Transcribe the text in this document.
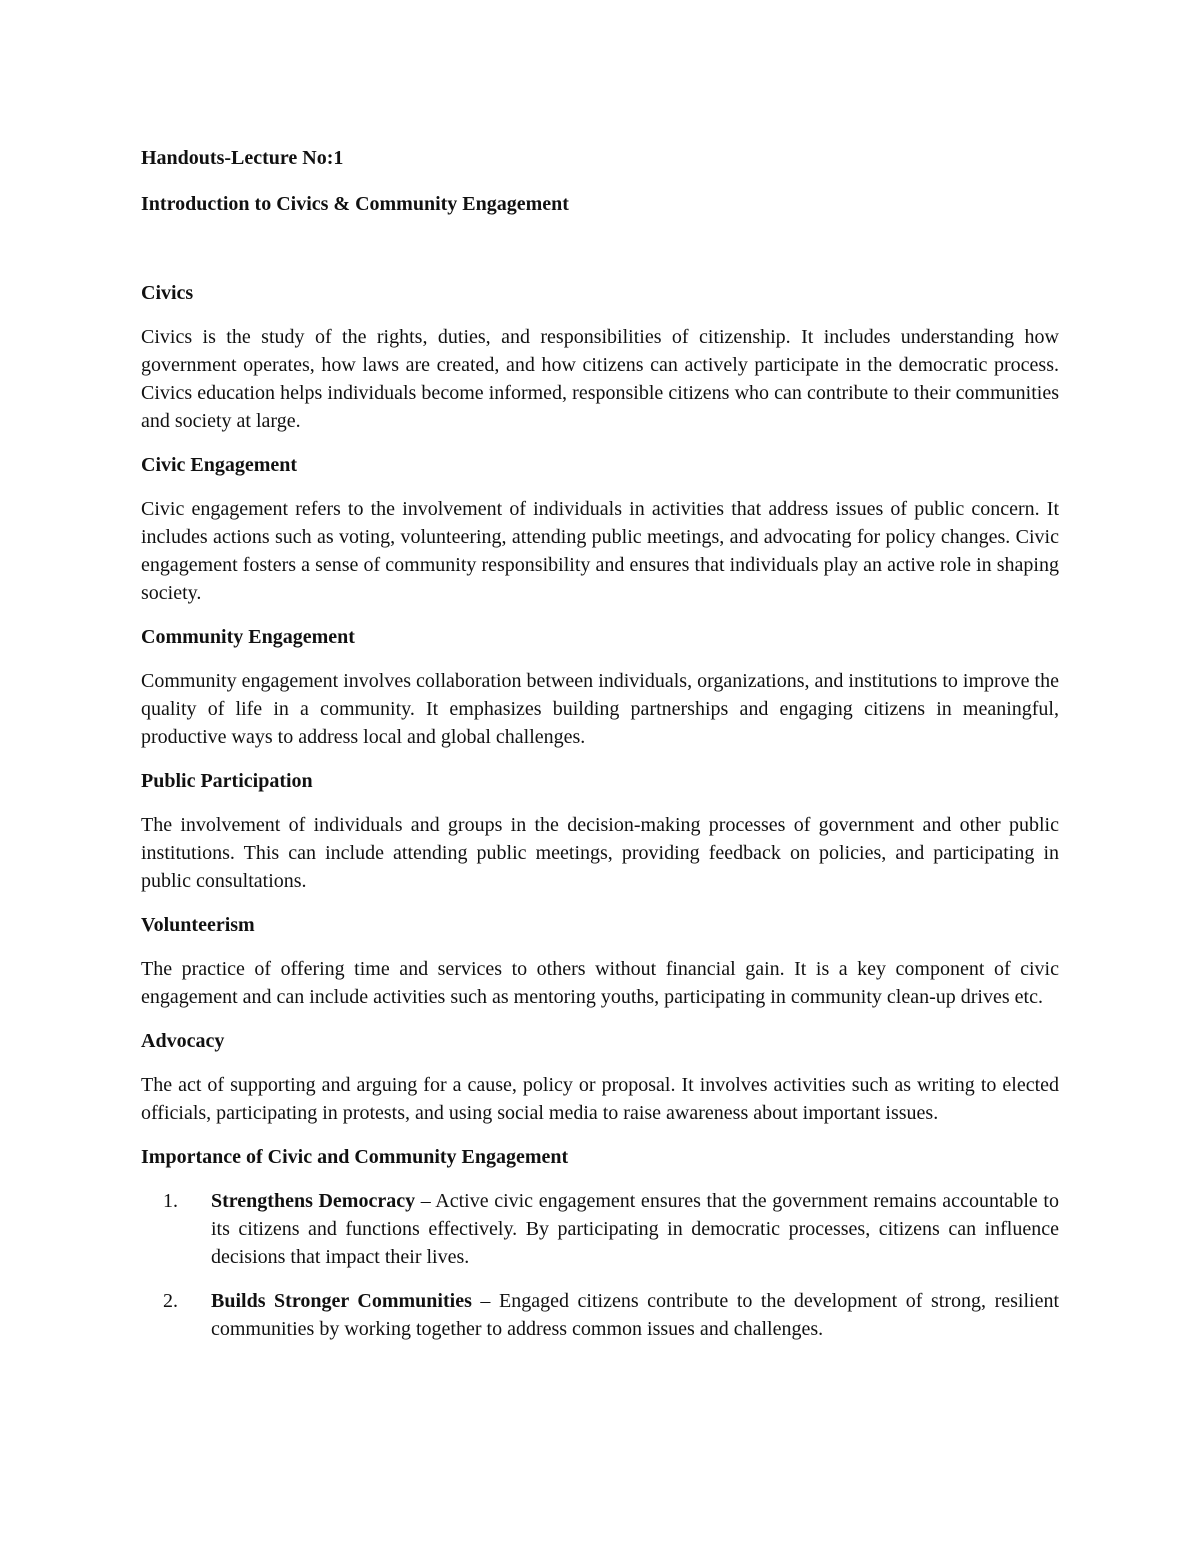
Handouts-Lecture No:1

Introduction to Civics & Community Engagement

Civics

Civics is the study of the rights, duties, and responsibilities of citizenship. It includes understanding how government operates, how laws are created, and how citizens can actively participate in the democratic process. Civics education helps individuals become informed, responsible citizens who can contribute to their communities and society at large.

Civic Engagement

Civic engagement refers to the involvement of individuals in activities that address issues of public concern. It includes actions such as voting, volunteering, attending public meetings, and advocating for policy changes. Civic engagement fosters a sense of community responsibility and ensures that individuals play an active role in shaping society.

Community Engagement

Community engagement involves collaboration between individuals, organizations, and institutions to improve the quality of life in a community. It emphasizes building partnerships and engaging citizens in meaningful, productive ways to address local and global challenges.

Public Participation

The involvement of individuals and groups in the decision-making processes of government and other public institutions. This can include attending public meetings, providing feedback on policies, and participating in public consultations.

Volunteerism

The practice of offering time and services to others without financial gain. It is a key component of civic engagement and can include activities such as mentoring youths, participating in community clean-up drives etc.

Advocacy

The act of supporting and arguing for a cause, policy or proposal. It involves activities such as writing to elected officials, participating in protests, and using social media to raise awareness about important issues.

Importance of Civic and Community Engagement

1. Strengthens Democracy – Active civic engagement ensures that the government remains accountable to its citizens and functions effectively. By participating in democratic processes, citizens can influence decisions that impact their lives.
2. Builds Stronger Communities – Engaged citizens contribute to the development of strong, resilient communities by working together to address common issues and challenges.
